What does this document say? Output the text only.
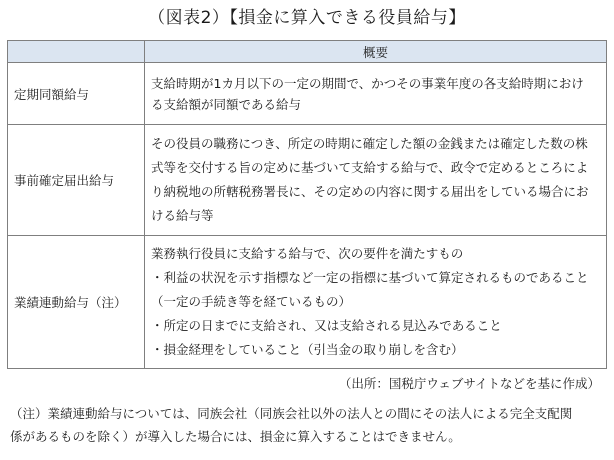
（図表2）【損金に算入できる役員給与】
	概要
定期同額給与	支給時期が1カ月以下の一定の期間で、かつその事業年度の各支給時期におけ
る支給額が同額である給与

事前確定届出給与	その役員の職務につき、所定の時期に確定した額の金銭または確定した数の株
式等を交付する旨の定めに基づいて支給する給与で、政令で定めるところによ
り納税地の所轄税務署長に、その定めの内容に関する届出をしている場合にお
ける給与等

業績連動給与（注）	業務執行役員に支給する給与で、次の要件を満たすもの
・利益の状況を示す指標など一定の指標に基づいて算定されるものであること
（一定の手続き等を経ているもの）
・所定の日までに支給され、又は支給される見込みであること
・損金経理をしていること（引当金の取り崩しを含む）
（出所：国税庁ウェブサイトなどを基に作成）
（注）業績連動給与については、同族会社（同族会社以外の法人との間にその法人による完全支配関
係があるものを除く）が導入した場合には、損金に算入することはできません。
